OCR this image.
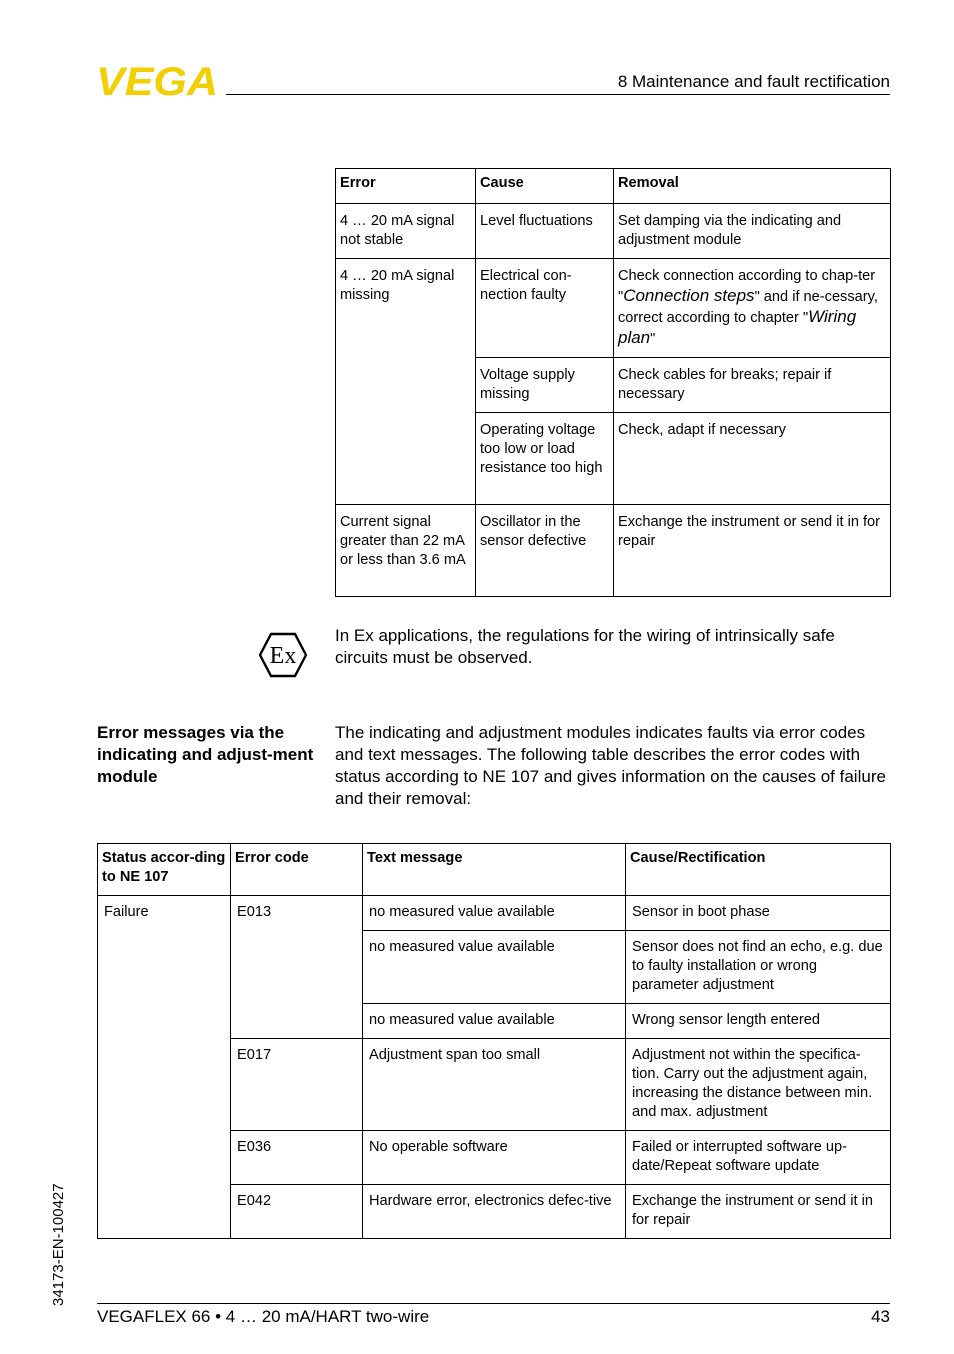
VEGA	8 Maintenance and fault rectification
Error	Cause	Removal
4 … 20 mA signal not stable	Level fluctuations	Set damping via the indicating and adjustment module
4 … 20 mA signal missing	Electrical con-nection faulty	Check connection according to chap-ter "Connection steps" and if ne-cessary, correct according to chapter "Wiring plan"
	Voltage supply missing	Check cables for breaks; repair if necessary
	Operating voltage too low or load resistance too high	Check, adapt if necessary
Current signal greater than 22 mA or less than 3.6 mA	Oscillator in the sensor defective	Exchange the instrument or send it in for repair
Ex
In Ex applications, the regulations for the wiring of intrinsically safe circuits must be observed.
Error messages via the indicating and adjust-ment module
The indicating and adjustment modules indicates faults via error codes and text messages. The following table describes the error codes with status according to NE 107 and gives information on the causes of failure and their removal:
Status accor-ding to NE 107	Error code	Text message	Cause/Rectification
Failure	E013	no measured value available	Sensor in boot phase
		no measured value available	Sensor does not find an echo, e.g. due to faulty installation or wrong parameter adjustment
		no measured value available	Wrong sensor length entered
	E017	Adjustment span too small	Adjustment not within the specifica-tion. Carry out the adjustment again, increasing the distance between min. and max. adjustment
	E036	No operable software	Failed or interrupted software up-date/Repeat software update
	E042	Hardware error, electronics defec-tive	Exchange the instrument or send it in for repair
34173-EN-100427
VEGAFLEX 66 • 4 … 20 mA/HART two-wire	43
